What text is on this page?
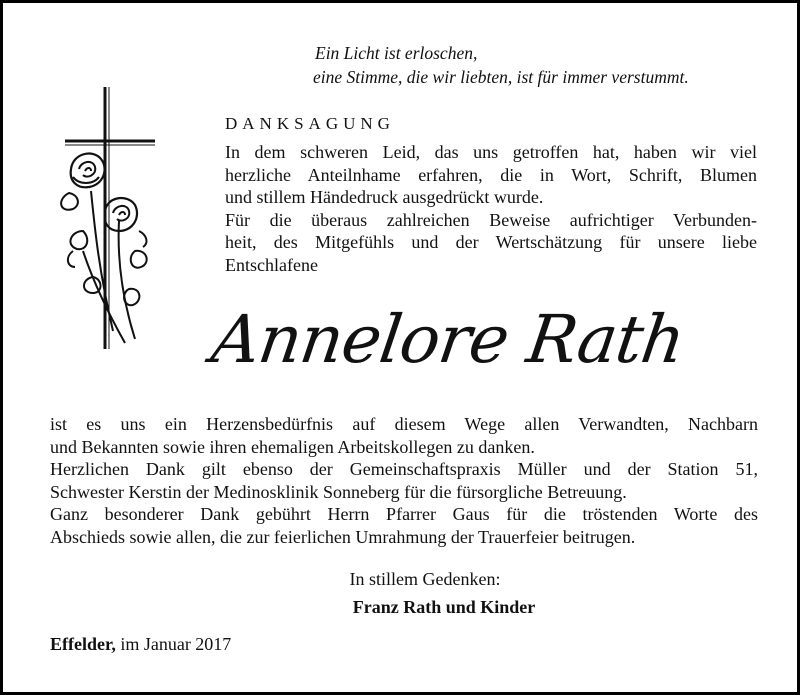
Ein Licht ist erloschen,
eine Stimme, die wir liebten, ist für immer verstummt.
DANKSAGUNG
In dem schweren Leid, das uns getroffen hat, haben wir viel
herzliche Anteilnhame erfahren, die in Wort, Schrift, Blumen
und stillem Händedruck ausgedrückt wurde.
Für die überaus zahlreichen Beweise aufrichtiger Verbunden-
heit, des Mitgefühls und der Wertschätzung für unsere liebe
Entschlafene
Annelore Rath
ist es uns ein Herzensbedürfnis auf diesem Wege allen Verwandten, Nachbarn
und Bekannten sowie ihren ehemaligen Arbeitskollegen zu danken.
Herzlichen Dank gilt ebenso der Gemeinschaftspraxis Müller und der Station 51,
Schwester Kerstin der Medinosklinik Sonneberg für die fürsorgliche Betreuung.
Ganz besonderer Dank gebührt Herrn Pfarrer Gaus für die tröstenden Worte des
Abschieds sowie allen, die zur feierlichen Umrahmung der Trauerfeier beitrugen.
In stillem Gedenken:
Franz Rath und Kinder
Effelder, im Januar 2017
